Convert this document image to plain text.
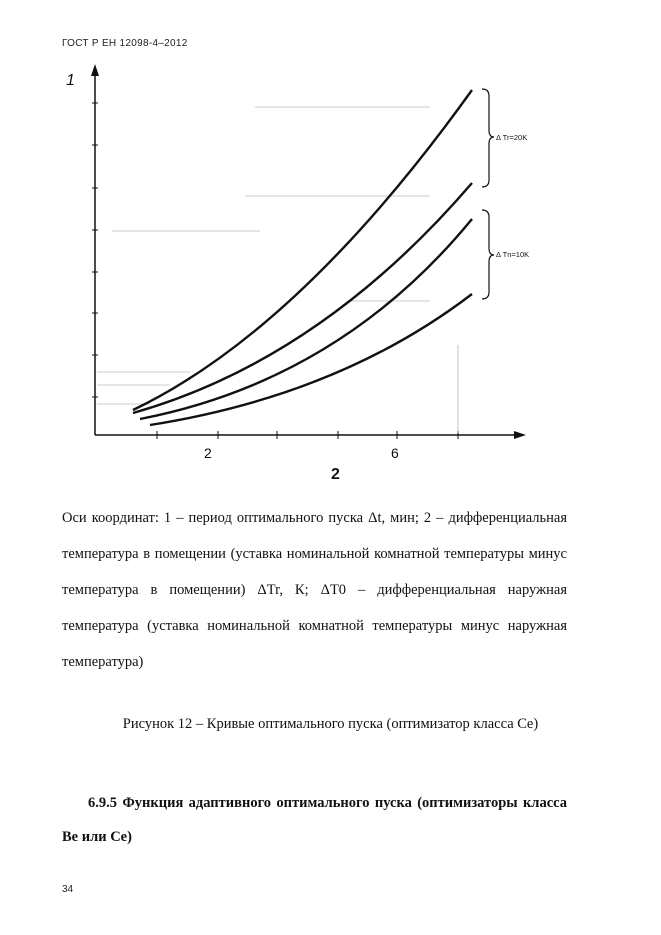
ГОСТ Р ЕН 12098-4–2012
Δ Tr=20K
Δ Tn=10K
1
2	6
2

Оси координат: 1 – период оптимального пуска Δt, мин; 2 – дифференциальная температура в помещении (уставка номинальной комнатной температуры минус температура в помещении) ΔTr, К; ΔT0 – дифференциальная наружная температура (уставка номинальной комнатной температуры минус наружная температура)

Рисунок 12 – Кривые оптимального пуска (оптимизатор класса Cе)
6.9.5 Функция адаптивного оптимального пуска (оптимизаторы класса Bе или Cе)
34
